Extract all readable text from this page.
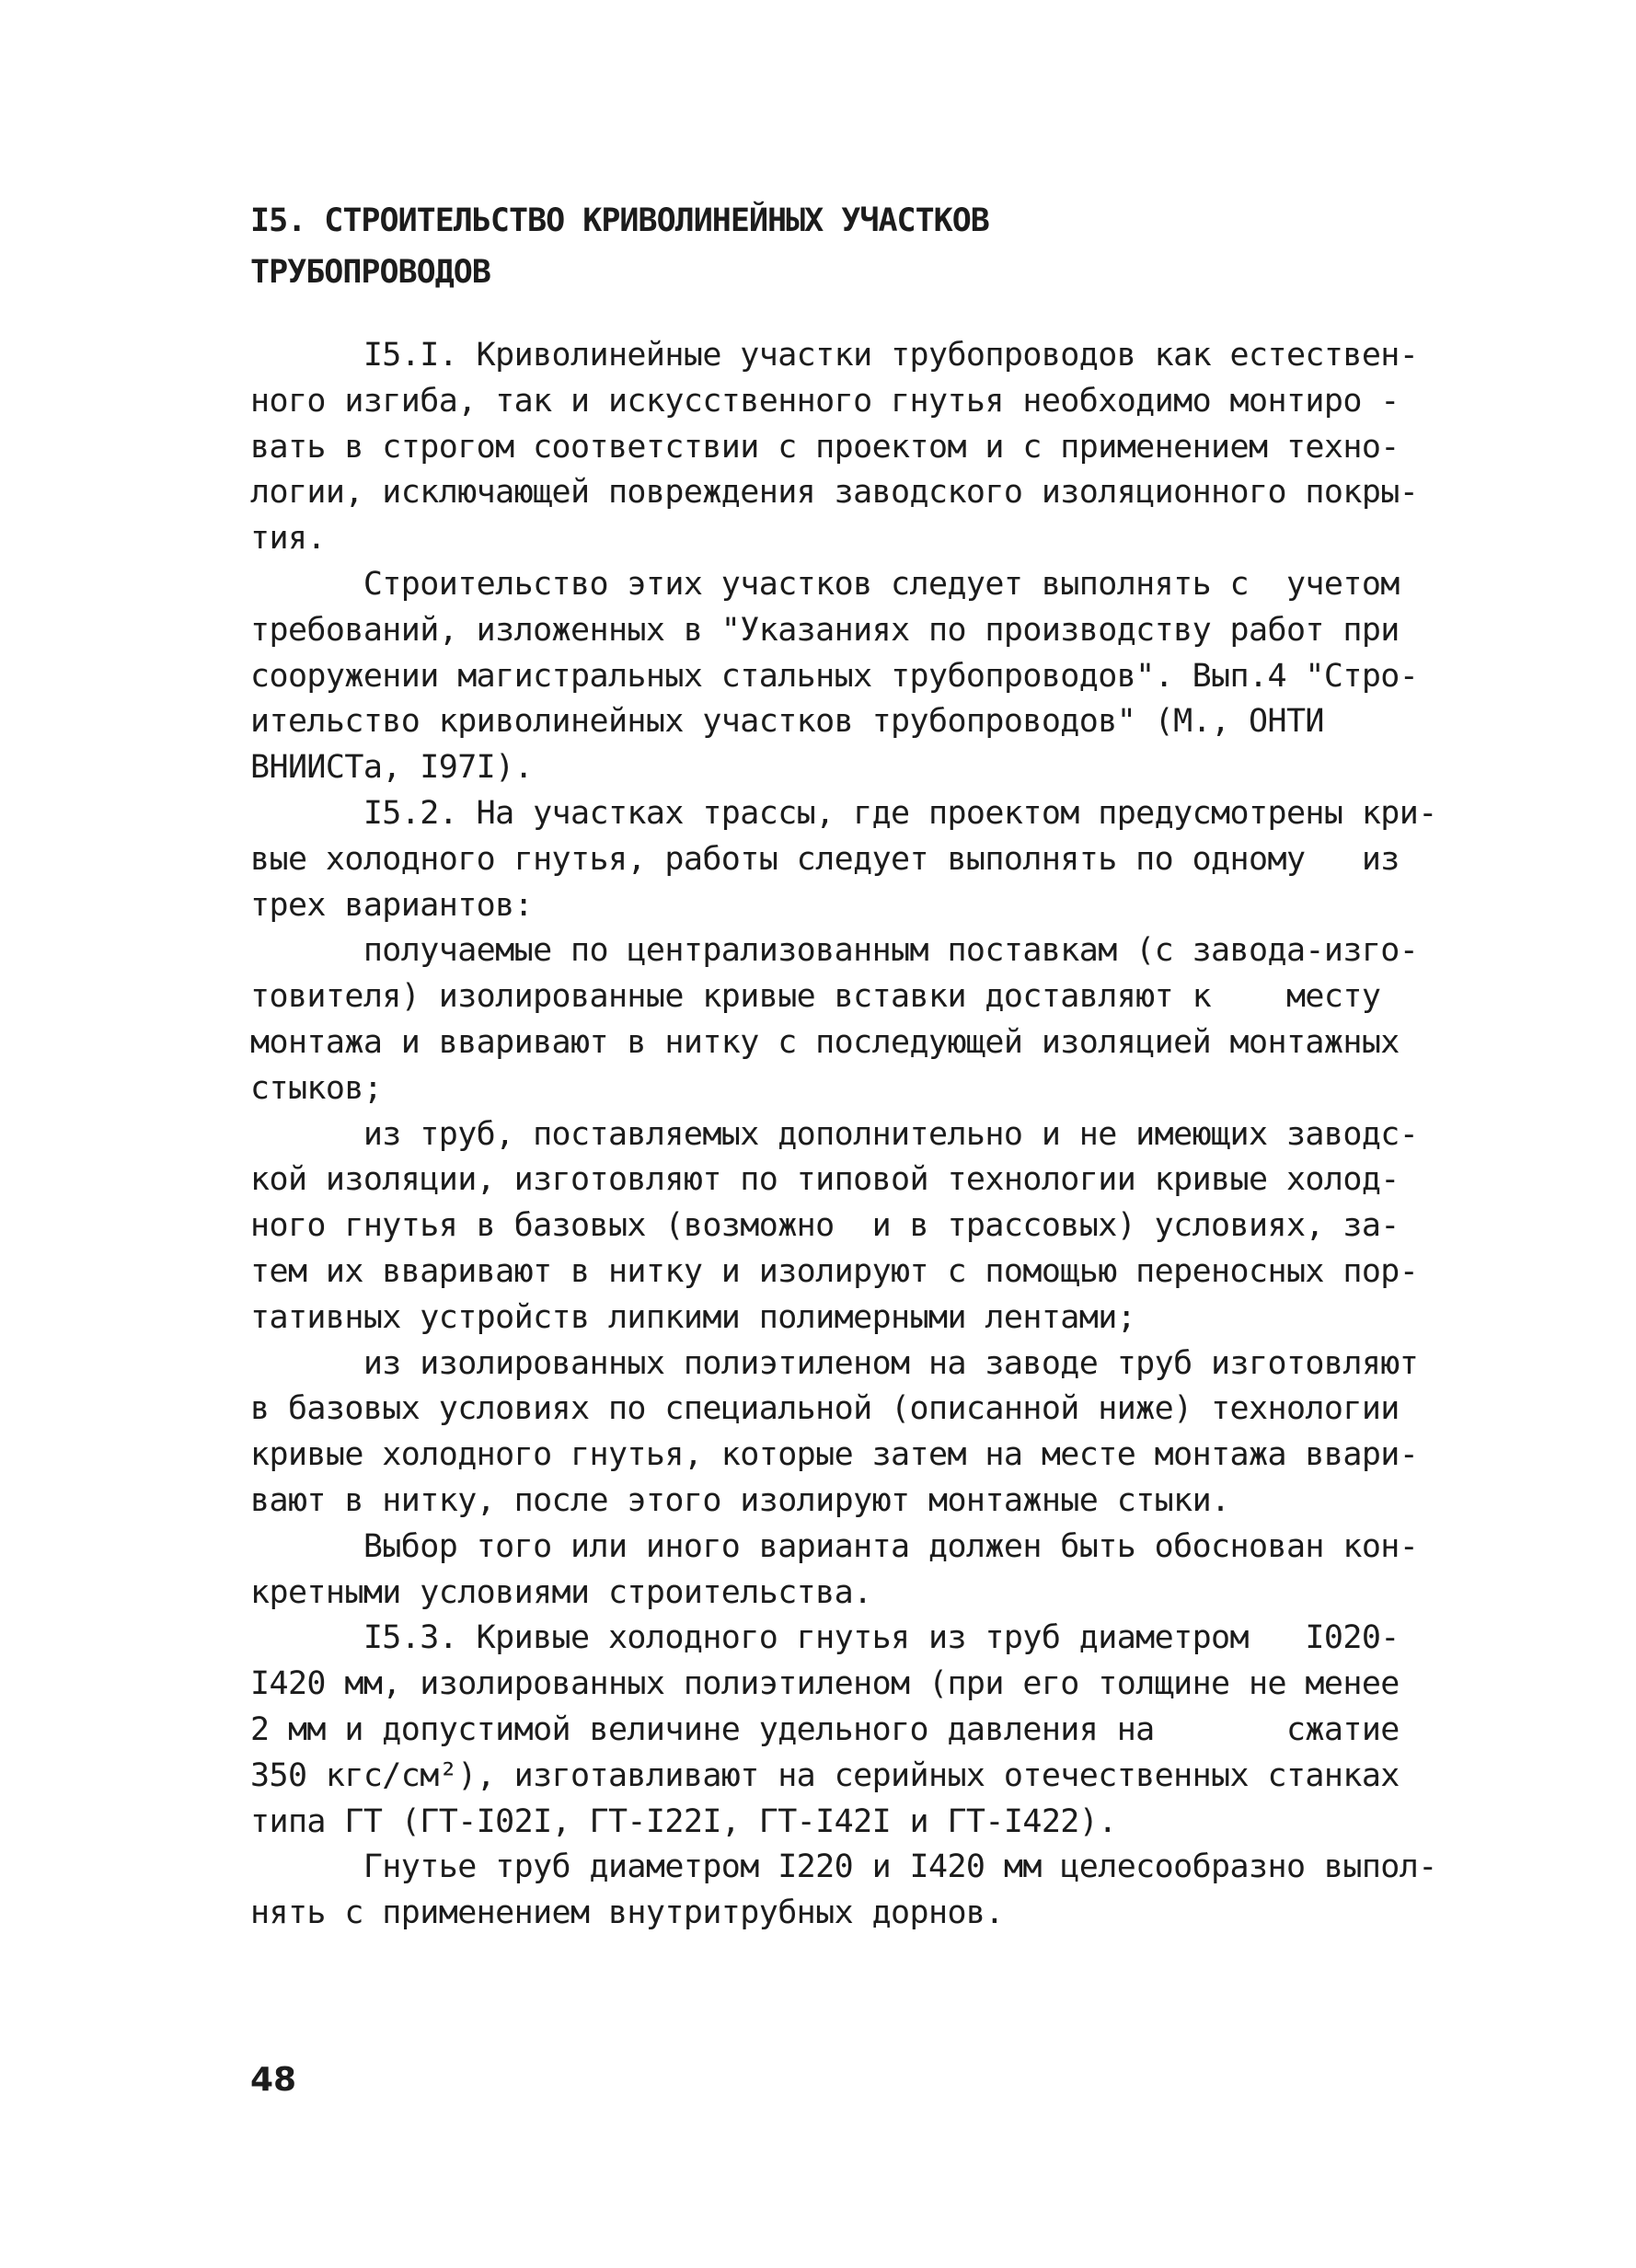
I5. СТРОИТЕЛЬСТВО КРИВОЛИНЕЙНЫХ УЧАСТКОВ
ТРУБОПРОВОДОВ
I5.I. Криволинейные участки трубопроводов как естествен-
ного изгиба, так и искусственного гнутья необходимо монтиро -
вать в строгом соответствии с проектом и с применением техно-
логии, исключающей повреждения заводского изоляционного покры-
тия.
Строительство этих участков следует выполнять с  учетом
требований, изложенных в "Указаниях по производству работ при
сооружении магистральных стальных трубопроводов". Вып.4 "Стро-
ительство криволинейных участков трубопроводов" (М., ОНТИ
ВНИИСТа, I97I).
I5.2. На участках трассы, где проектом предусмотрены кри-
вые холодного гнутья, работы следует выполнять по одному   из
трех вариантов:
получаемые по централизованным поставкам (с завода-изго-
товителя) изолированные кривые вставки доставляют к    месту
монтажа и вваривают в нитку с последующей изоляцией монтажных
стыков;
из труб, поставляемых дополнительно и не имеющих заводс-
кой изоляции, изготовляют по типовой технологии кривые холод-
ного гнутья в базовых (возможно  и в трассовых) условиях, за-
тем их вваривают в нитку и изолируют с помощью переносных пор-
тативных устройств липкими полимерными лентами;
из изолированных полиэтиленом на заводе труб изготовляют
в базовых условиях по специальной (описанной ниже) технологии
кривые холодного гнутья, которые затем на месте монтажа ввари-
вают в нитку, после этого изолируют монтажные стыки.
Выбор того или иного варианта должен быть обоснован кон-
кретными условиями строительства.
I5.3. Кривые холодного гнутья из труб диаметром   I020-
I420 мм, изолированных полиэтиленом (при его толщине не менее
2 мм и допустимой величине удельного давления на       сжатие
350 кгс/см²), изготавливают на серийных отечественных станках
типа ГТ (ГТ-I02I, ГТ-I22I, ГТ-I42I и ГТ-I422).
Гнутье труб диаметром I220 и I420 мм целесообразно выпол-
нять с применением внутритрубных дорнов.
48
